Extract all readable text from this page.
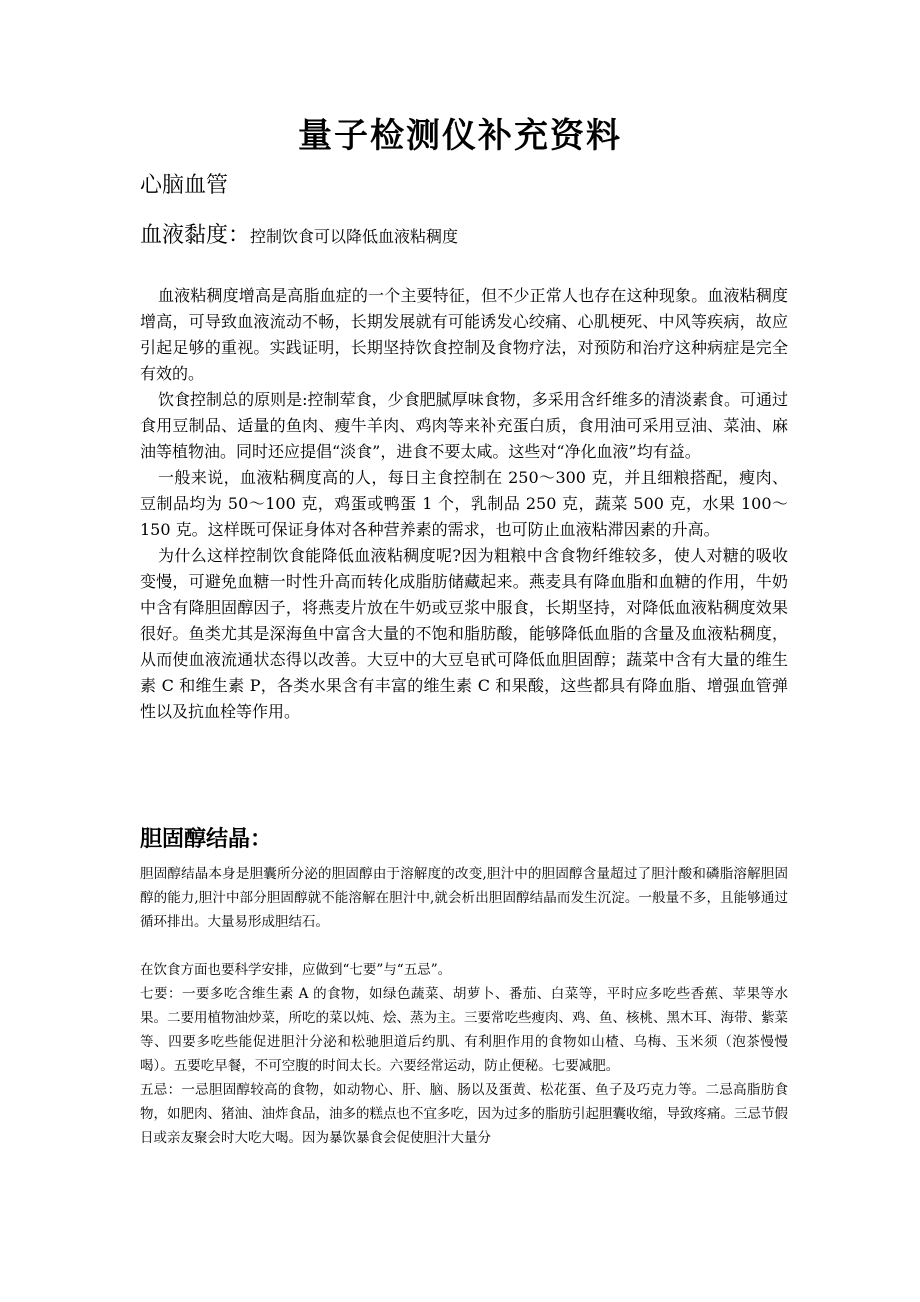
量子检测仪补充资料
心脑血管
血液黏度：控制饮食可以降低血液粘稠度

血液粘稠度增高是高脂血症的一个主要特征，但不少正常人也存在这种现象。血液粘稠度增高，可导致血液流动不畅，长期发展就有可能诱发心绞痛、心肌梗死、中风等疾病，故应引起足够的重视。实践证明，长期坚持饮食控制及食物疗法，对预防和治疗这种病症是完全有效的。

饮食控制总的原则是:控制荤食，少食肥腻厚味食物，多采用含纤维多的清淡素食。可通过食用豆制品、适量的鱼肉、瘦牛羊肉、鸡肉等来补充蛋白质，食用油可采用豆油、菜油、麻油等植物油。同时还应提倡“淡食”，进食不要太咸。这些对“净化血液”均有益。

一般来说，血液粘稠度高的人，每日主食控制在 250～300 克，并且细粮搭配，瘦肉、豆制品均为 50～100 克，鸡蛋或鸭蛋 1 个，乳制品 250 克，蔬菜 500 克，水果 100～150 克。这样既可保证身体对各种营养素的需求，也可防止血液粘滞因素的升高。

为什么这样控制饮食能降低血液粘稠度呢?因为粗粮中含食物纤维较多，使人对糖的吸收变慢，可避免血糖一时性升高而转化成脂肪储藏起来。燕麦具有降血脂和血糖的作用，牛奶中含有降胆固醇因子，将燕麦片放在牛奶或豆浆中服食，长期坚持，对降低血液粘稠度效果很好。鱼类尤其是深海鱼中富含大量的不饱和脂肪酸，能够降低血脂的含量及血液粘稠度，从而使血液流通状态得以改善。大豆中的大豆皂甙可降低血胆固醇；蔬菜中含有大量的维生素 C 和维生素 P，各类水果含有丰富的维生素 C 和果酸，这些都具有降血脂、增强血管弹性以及抗血栓等作用。

胆固醇结晶：

胆固醇结晶本身是胆囊所分泌的胆固醇由于溶解度的改变,胆汁中的胆固醇含量超过了胆汁酸和磷脂溶解胆固醇的能力,胆汁中部分胆固醇就不能溶解在胆汁中,就会析出胆固醇结晶而发生沉淀。一般量不多，且能够通过循环排出。大量易形成胆结石。

在饮食方面也要科学安排，应做到“七要”与“五忌”。

七要：一要多吃含维生素 A 的食物，如绿色蔬菜、胡萝卜、番茄、白菜等，平时应多吃些香蕉、苹果等水果。二要用植物油炒菜，所吃的菜以炖、烩、蒸为主。三要常吃些瘦肉、鸡、鱼、核桃、黑木耳、海带、紫菜等、四要多吃些能促进胆汁分泌和松驰胆道后约肌、有利胆作用的食物如山楂、乌梅、玉米须（泡茶慢慢喝）。五要吃早餐，不可空腹的时间太长。六要经常运动，防止便秘。七要减肥。

五忌：一忌胆固醇较高的食物，如动物心、肝、脑、肠以及蛋黄、松花蛋、鱼子及巧克力等。二忌高脂肪食物，如肥肉、猪油、油炸食品，油多的糕点也不宜多吃，因为过多的脂肪引起胆囊收缩，导致疼痛。三忌节假日或亲友聚会时大吃大喝。因为暴饮暴食会促使胆汁大量分
